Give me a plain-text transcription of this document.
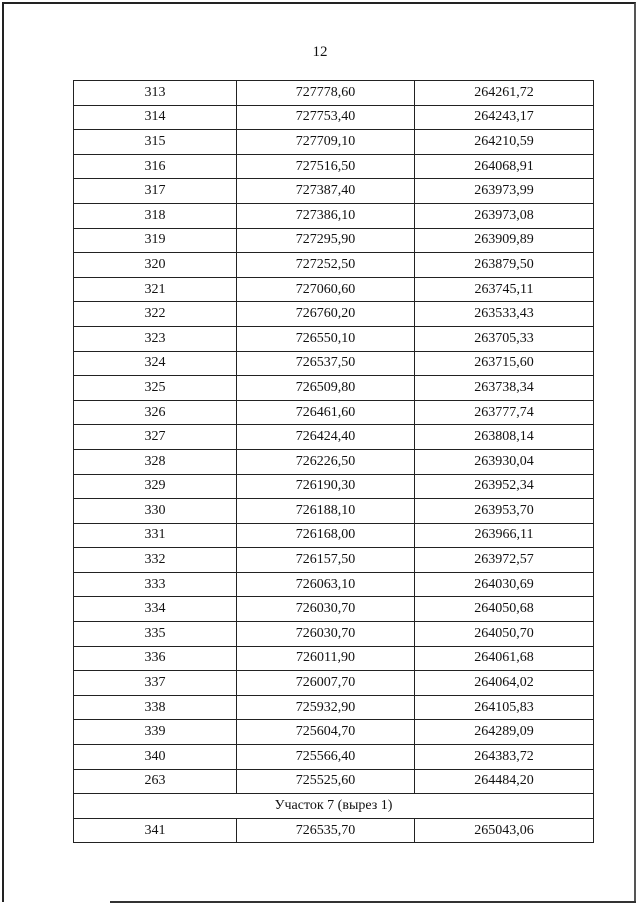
12
313	727778,60	264261,72
314	727753,40	264243,17
315	727709,10	264210,59
316	727516,50	264068,91
317	727387,40	263973,99
318	727386,10	263973,08
319	727295,90	263909,89
320	727252,50	263879,50
321	727060,60	263745,11
322	726760,20	263533,43
323	726550,10	263705,33
324	726537,50	263715,60
325	726509,80	263738,34
326	726461,60	263777,74
327	726424,40	263808,14
328	726226,50	263930,04
329	726190,30	263952,34
330	726188,10	263953,70
331	726168,00	263966,11
332	726157,50	263972,57
333	726063,10	264030,69
334	726030,70	264050,68
335	726030,70	264050,70
336	726011,90	264061,68
337	726007,70	264064,02
338	725932,90	264105,83
339	725604,70	264289,09
340	725566,40	264383,72
263	725525,60	264484,20
Участок 7 (вырез 1)		
341	726535,70	265043,06
